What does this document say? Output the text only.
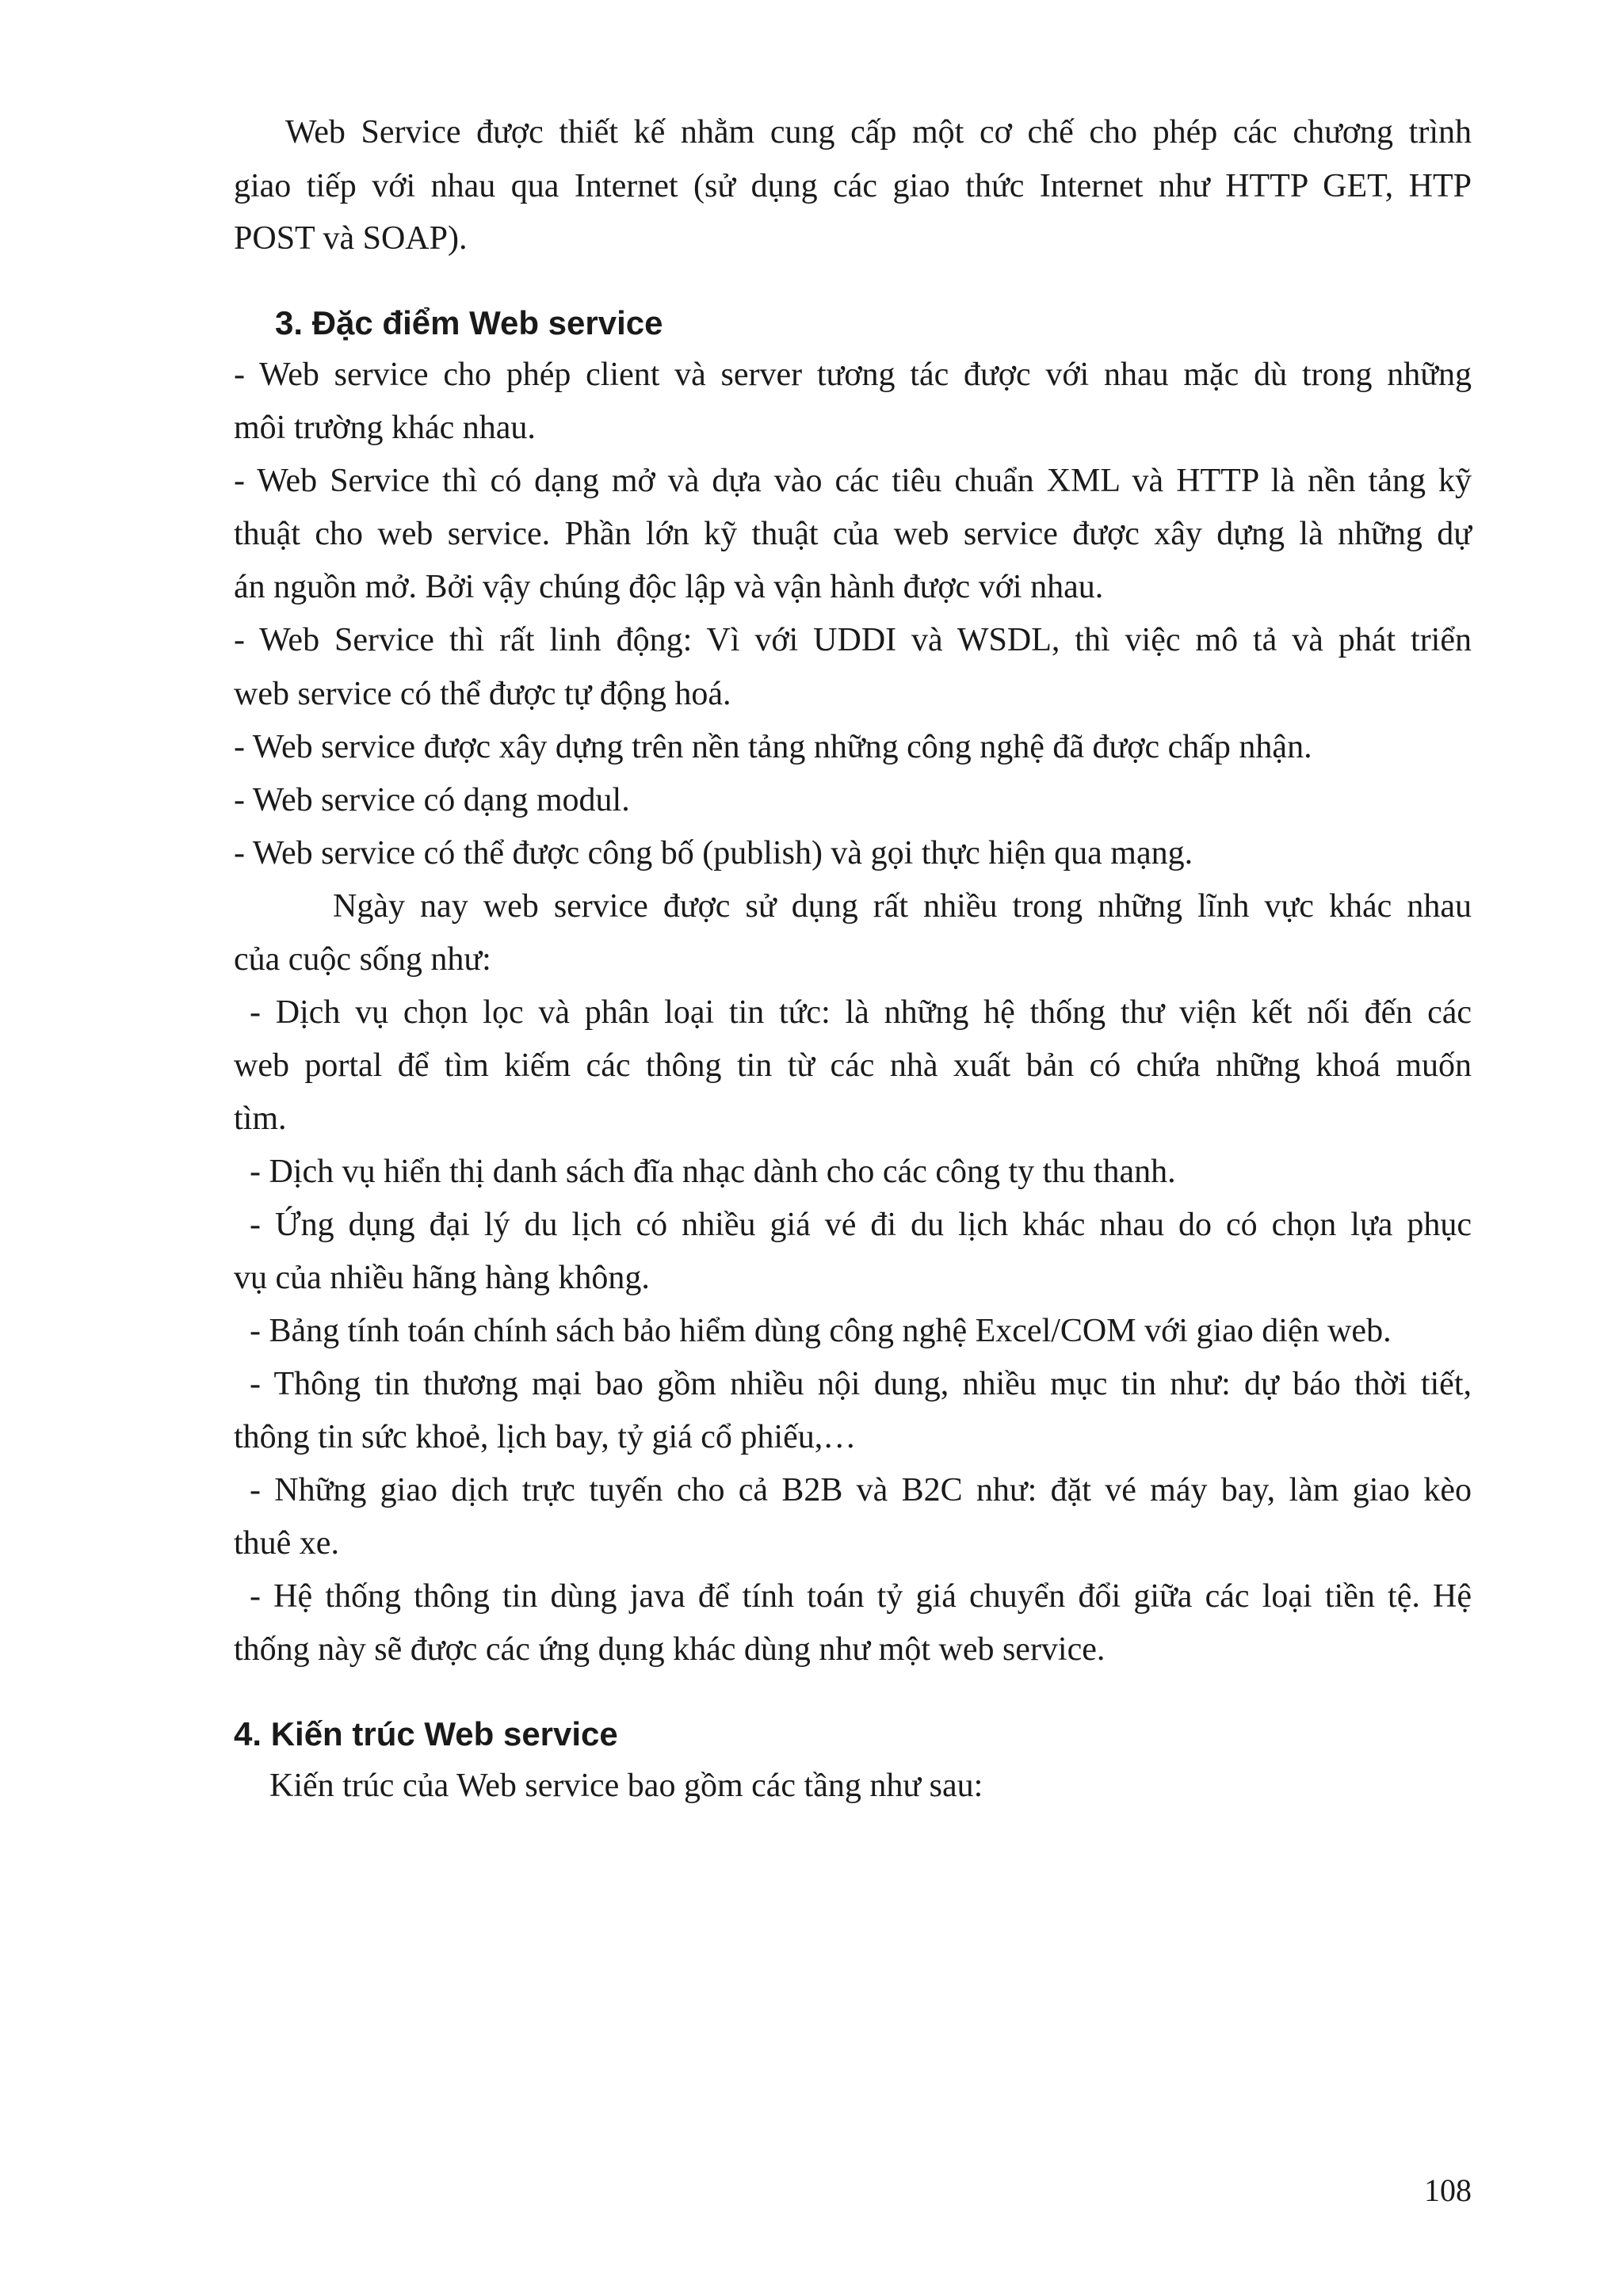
Web Service được thiết kế nhằm cung cấp một cơ chế cho phép các chương trình

giao tiếp với nhau qua Internet (sử dụng các giao thức Internet như HTTP GET, HTP

POST và SOAP).

3. Đặc điểm Web service

- Web service cho phép client và server tương tác được với nhau mặc dù trong những

môi trường khác nhau.

- Web Service thì có dạng mở và dựa vào các tiêu chuẩn XML và HTTP là nền tảng kỹ

thuật cho web service. Phần lớn kỹ thuật của web service được xây dựng là những dự

án nguồn mở. Bởi vậy chúng độc lập và vận hành được với nhau.

- Web Service thì rất linh động: Vì với UDDI và WSDL, thì việc mô tả và phát triển

web service có thể được tự động hoá.

- Web service được xây dựng trên nền tảng những công nghệ đã được chấp nhận.

- Web service có dạng modul.

- Web service có thể được công bố (publish) và gọi thực hiện qua mạng.

Ngày nay web service được sử dụng rất nhiều trong những lĩnh vực khác nhau

của cuộc sống như:

- Dịch vụ chọn lọc và phân loại tin tức: là những hệ thống thư viện kết nối đến các

web portal để tìm kiếm các thông tin từ các nhà xuất bản có chứa những khoá muốn

tìm.

- Dịch vụ hiển thị danh sách đĩa nhạc dành cho các công ty thu thanh.

- Ứng dụng đại lý du lịch có nhiều giá vé đi du lịch khác nhau do có chọn lựa phục

vụ của nhiều hãng hàng không.

- Bảng tính toán chính sách bảo hiểm dùng công nghệ Excel/COM với giao diện web.

- Thông tin thương mại bao gồm nhiều nội dung, nhiều mục tin như: dự báo thời tiết,

thông tin sức khoẻ, lịch bay, tỷ giá cổ phiếu,…

- Những giao dịch trực tuyến cho cả B2B và B2C như: đặt vé máy bay, làm giao kèo

thuê xe.

- Hệ thống thông tin dùng java để tính toán tỷ giá chuyển đổi giữa các loại tiền tệ. Hệ

thống này sẽ được các ứng dụng khác dùng như một web service.

4. Kiến trúc Web service

Kiến trúc của Web service bao gồm các tầng như sau:

108
